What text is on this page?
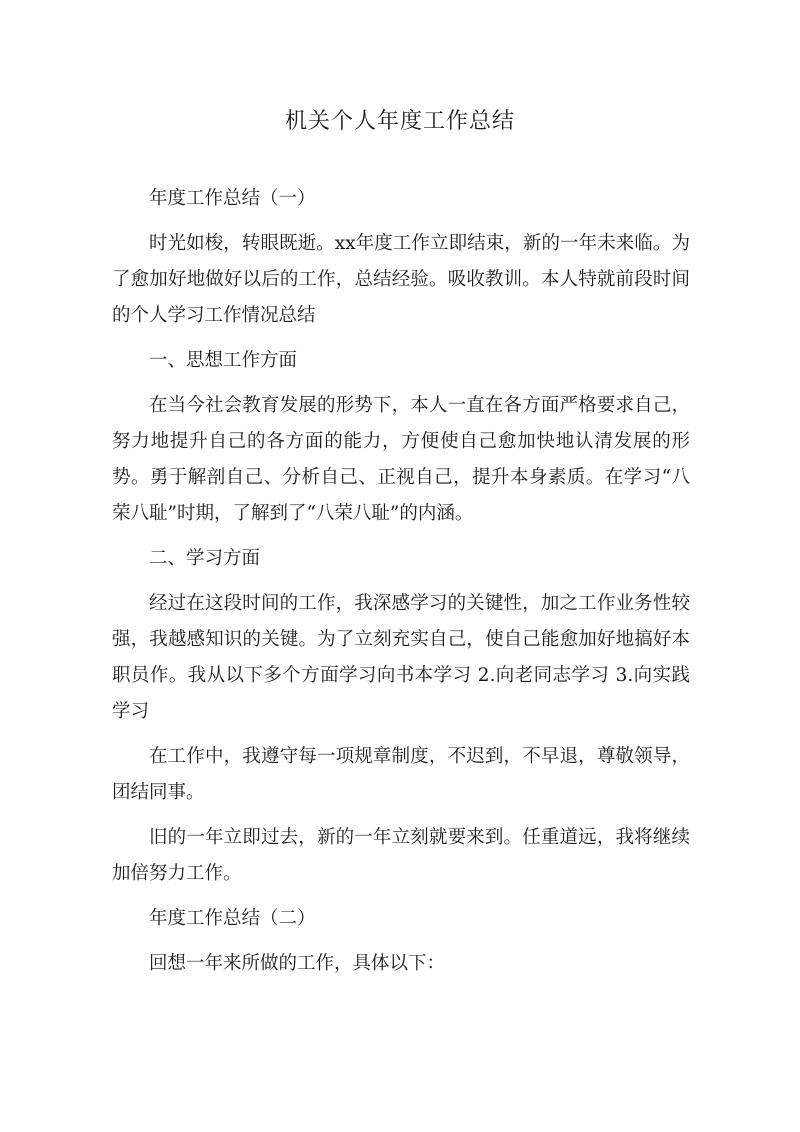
机关个人年度工作总结

年度工作总结（一）

时光如梭，转眼既逝。xx年度工作立即结束，新的一年未来临。为了愈加好地做好以后的工作，总结经验。吸收教训。本人特就前段时间的个人学习工作情况总结

一、思想工作方面

在当今社会教育发展的形势下，本人一直在各方面严格要求自己，努力地提升自己的各方面的能力，方便使自己愈加快地认清发展的形势。勇于解剖自己、分析自己、正视自己，提升本身素质。在学习“八荣八耻”时期，了解到了“八荣八耻”的内涵。

二、学习方面

经过在这段时间的工作，我深感学习的关键性，加之工作业务性较强，我越感知识的关键。为了立刻充实自己，使自己能愈加好地搞好本职员作。我从以下多个方面学习向书本学习 2.向老同志学习 3.向实践学习

在工作中，我遵守每一项规章制度，不迟到，不早退，尊敬领导，团结同事。

旧的一年立即过去，新的一年立刻就要来到。任重道远，我将继续加倍努力工作。

年度工作总结（二）

回想一年来所做的工作，具体以下：
